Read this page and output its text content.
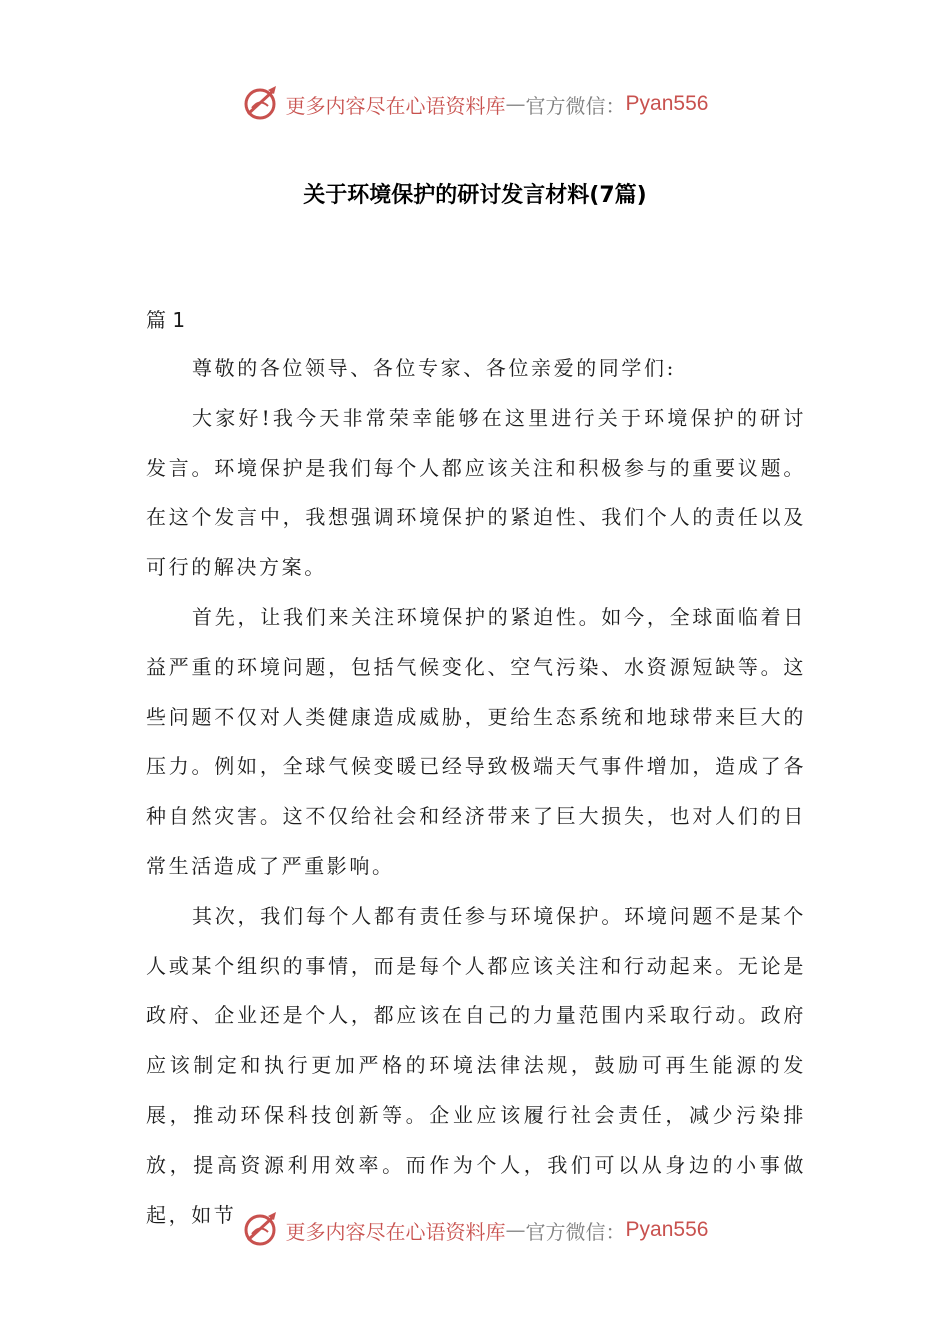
更多内容尽在心语资料库 — 官方微信： Pyan556
关于环境保护的研讨发言材料(7篇)

篇 1

尊敬的各位领导、各位专家、各位亲爱的同学们:

大家好!我今天非常荣幸能够在这里进行关于环境保护的研讨发言。环境保护是我们每个人都应该关注和积极参与的重要议题。在这个发言中，我想强调环境保护的紧迫性、我们个人的责任以及可行的解决方案。

首先，让我们来关注环境保护的紧迫性。如今，全球面临着日益严重的环境问题，包括气候变化、空气污染、水资源短缺等。这些问题不仅对人类健康造成威胁，更给生态系统和地球带来巨大的压力。例如，全球气候变暖已经导致极端天气事件增加，造成了各种自然灾害。这不仅给社会和经济带来了巨大损失，也对人们的日常生活造成了严重影响。

其次，我们每个人都有责任参与环境保护。环境问题不是某个人或某个组织的事情，而是每个人都应该关注和行动起来。无论是政府、企业还是个人，都应该在自己的力量范围内采取行动。政府应该制定和执行更加严格的环境法律法规，鼓励可再生能源的发展，推动环保科技创新等。企业应该履行社会责任，减少污染排放，提高资源利用效率。而作为个人，我们可以从身边的小事做起，如节

更多内容尽在心语资料库 — 官方微信： Pyan556
